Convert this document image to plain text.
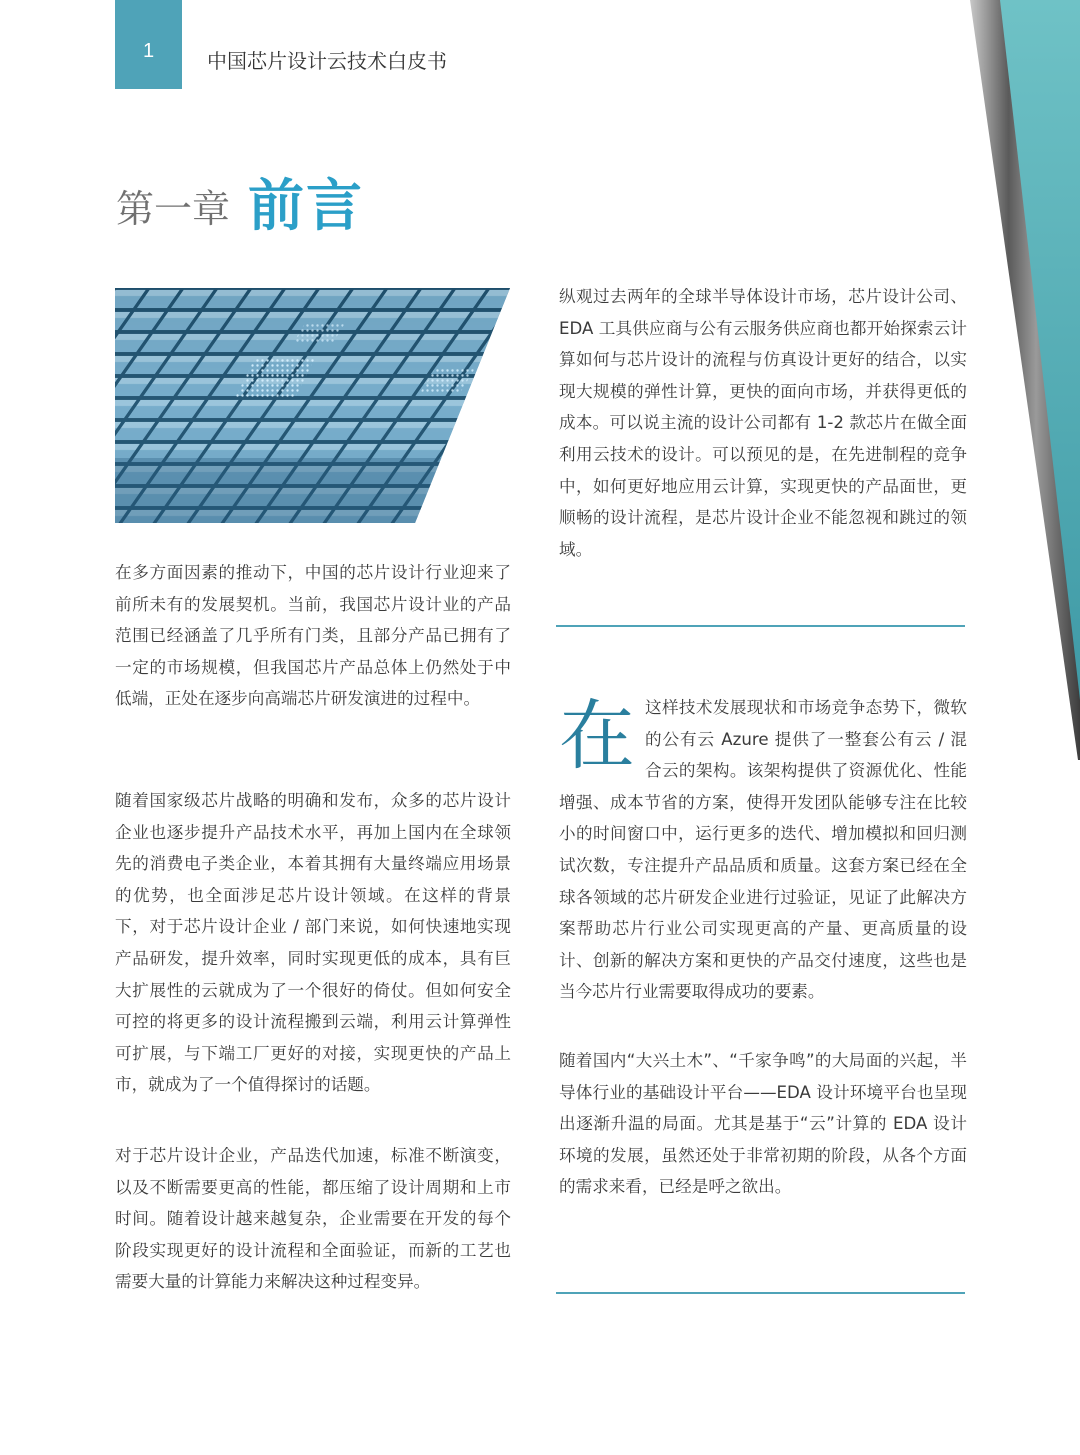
1	中国芯片设计云技术白皮书
第一章 前言

在多方面因素的推动下，中国的芯片设计行业迎来了前所未有的发展契机。当前，我国芯片设计业的产品范围已经涵盖了几乎所有门类，且部分产品已拥有了一定的市场规模，但我国芯片产品总体上仍然处于中低端，正处在逐步向高端芯片研发演进的过程中。

随着国家级芯片战略的明确和发布，众多的芯片设计企业也逐步提升产品技术水平，再加上国内在全球领先的消费电子类企业，本着其拥有大量终端应用场景的优势，也全面涉足芯片设计领域。在这样的背景下，对于芯片设计企业 / 部门来说，如何快速地实现产品研发，提升效率，同时实现更低的成本，具有巨大扩展性的云就成为了一个很好的倚仗。但如何安全可控的将更多的设计流程搬到云端，利用云计算弹性可扩展，与下端工厂更好的对接，实现更快的产品上市，就成为了一个值得探讨的话题。

对于芯片设计企业，产品迭代加速，标准不断演变，以及不断需要更高的性能，都压缩了设计周期和上市时间。随着设计越来越复杂，企业需要在开发的每个阶段实现更好的设计流程和全面验证，而新的工艺也需要大量的计算能力来解决这种过程变异。

纵观过去两年的全球半导体设计市场，芯片设计公司、EDA 工具供应商与公有云服务供应商也都开始探索云计算如何与芯片设计的流程与仿真设计更好的结合，以实现大规模的弹性计算，更快的面向市场，并获得更低的成本。可以说主流的设计公司都有 1-2 款芯片在做全面利用云技术的设计。可以预见的是，在先进制程的竞争中，如何更好地应用云计算，实现更快的产品面世，更顺畅的设计流程，是芯片设计企业不能忽视和跳过的领域。

在 这样技术发展现状和市场竞争态势下，微软的公有云 Azure 提供了一整套公有云 / 混合云的架构。该架构提供了资源优化、性能增强、成本节省的方案，使得开发团队能够专注在比较小的时间窗口中，运行更多的迭代、增加模拟和回归测试次数，专注提升产品品质和质量。这套方案已经在全球各领域的芯片研发企业进行过验证，见证了此解决方案帮助芯片行业公司实现更高的产量、更高质量的设计、创新的解决方案和更快的产品交付速度，这些也是当今芯片行业需要取得成功的要素。

随着国内“大兴土木”、“千家争鸣”的大局面的兴起，半导体行业的基础设计平台——EDA 设计环境平台也呈现出逐渐升温的局面。尤其是基于“云”计算的 EDA 设计环境的发展，虽然还处于非常初期的阶段，从各个方面的需求来看，已经是呼之欲出。
